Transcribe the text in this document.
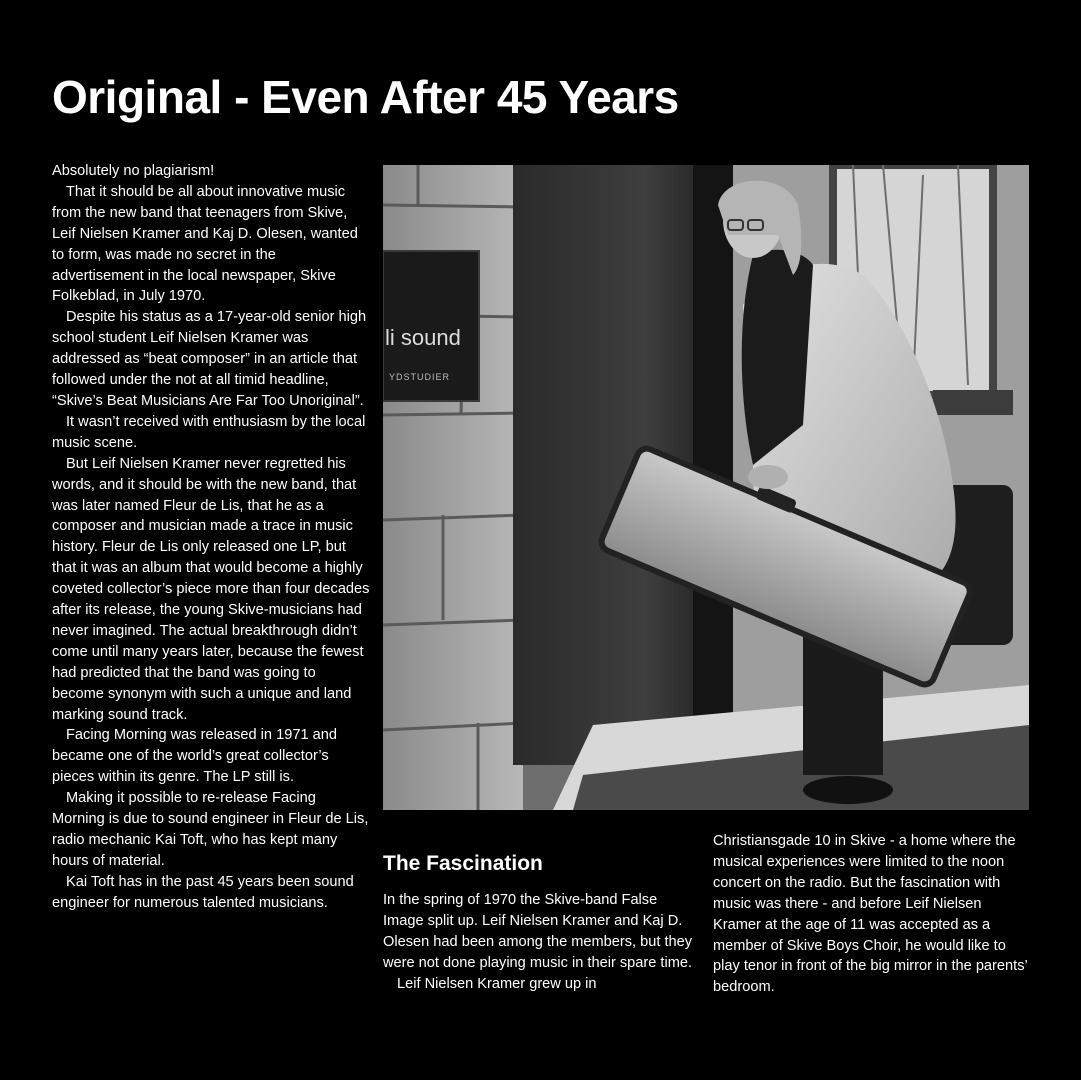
Original - Even After 45 Years

Absolutely no plagiarism!

That it should be all about innovative music from the new band that teenagers from Skive, Leif Nielsen Kramer and Kaj D. Olesen, wanted to form, was made no secret in the advertisement in the local newspaper, Skive Folkeblad, in July 1970.

Despite his status as a 17-year-old senior high school student Leif Nielsen Kramer was addressed as “beat composer” in an article that followed under the not at all timid headline, “Skive’s Beat Musicians Are Far Too Unoriginal”.

It wasn’t received with enthusiasm by the local music scene.

But Leif Nielsen Kramer never regretted his words, and it should be with the new band, that was later named Fleur de Lis, that he as a composer and musician made a trace in music history. Fleur de Lis only released one LP, but that it was an album that would become a highly coveted collector’s piece more than four decades after its release, the young Skive-musicians had never imagined. The actual breakthrough didn’t come until many years later, because the fewest had predicted that the band was going to become synonym with such a unique and land marking sound track.

Facing Morning was released in 1971 and became one of the world’s great collector’s pieces within its genre. The LP still is.

Making it possible to re-release Facing Morning is due to sound engineer in Fleur de Lis, radio mechanic Kai Toft, who has kept many hours of material.

Kai Toft has in the past 45 years been sound engineer for numerous talented musicians.

li sound
YDSTUDIER
The Fascination

In the spring of 1970 the Skive-band False Image split up. Leif Nielsen Kramer and Kaj D. Olesen had been among the members, but they were not done playing music in their spare time.

Leif Nielsen Kramer grew up in

Christiansgade 10 in Skive - a home where the musical experiences were limited to the noon concert on the radio. But the fascination with music was there - and before Leif Nielsen Kramer at the age of 11 was accepted as a member of Skive Boys Choir, he would like to play tenor in front of the big mirror in the parents’ bedroom.
